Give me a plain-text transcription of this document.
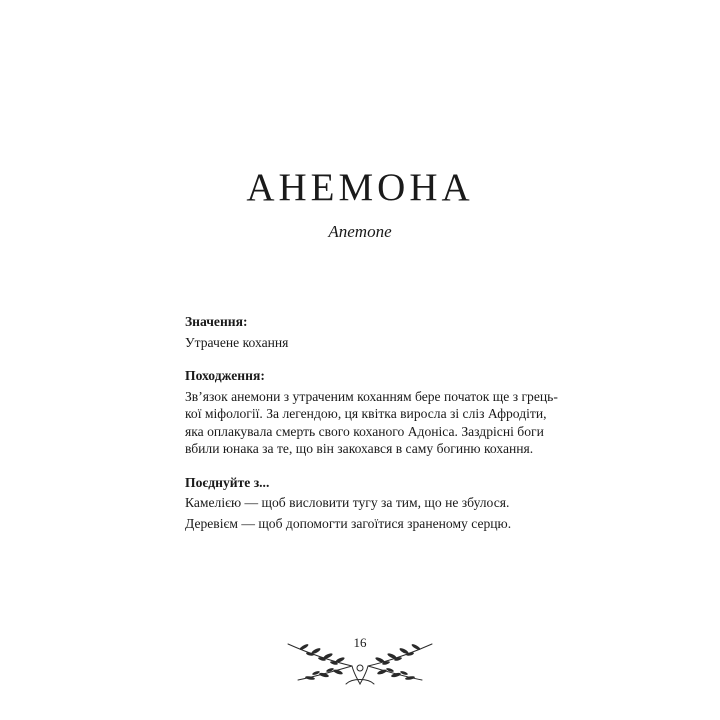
АНЕМОНА
Anemone

Значення:

Утрачене кохання

Походження:

Зв’язок анемони з утраченим коханням бере початок ще з грець-

кої міфології. За легендою, ця квітка виросла зі сліз Афродіти,

яка оплакувала смерть свого коханого Адоніса. Заздрісні боги

вбили юнака за те, що він закохався в саму богиню кохання.

Поєднуйте з...

Камелією — щоб висловити тугу за тим, що не збулося.

Деревієм — щоб допомогти загоїтися зраненому серцю.

16
